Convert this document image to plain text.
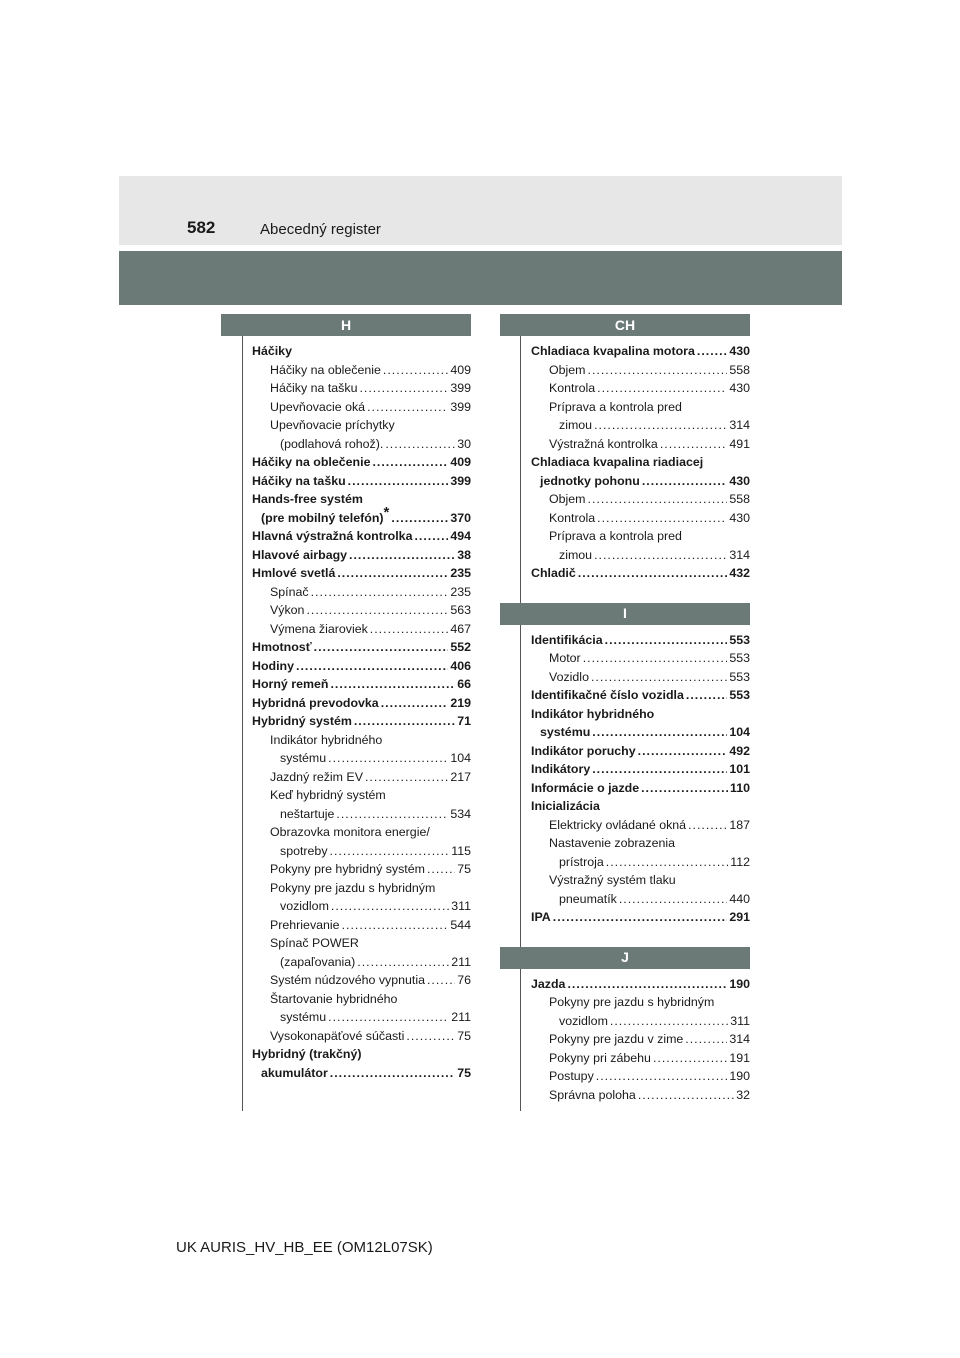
582	Abecedný register
H
Háčiky
Háčiky na oblečenie .....	409
Háčiky na tašku .....	399
Upevňovacie oká .....	399
Upevňovacie príchytky
(podlahová rohož). .....	30
Háčiky na oblečenie .....	409
Háčiky na tašku .....	399
Hands-free systém
(pre mobilný telefón)* .....	370
Hlavná výstražná kontrolka .....	494
Hlavové airbagy .....	38
Hmlové svetlá .....	235
Spínač .....	235
Výkon .....	563
Výmena žiaroviek .....	467
Hmotnosť .....	552
Hodiny .....	406
Horný remeň .....	66
Hybridná prevodovka .....	219
Hybridný systém .....	71
Indikátor hybridného
systému .....	104
Jazdný režim EV .....	217
Keď hybridný systém
neštartuje .....	534
Obrazovka monitora energie/
spotreby .....	115
Pokyny pre hybridný systém .....	75
Pokyny pre jazdu s hybridným
vozidlom .....	311
Prehrievanie .....	544
Spínač POWER
(zapaľovania) .....	211
Systém núdzového vypnutia .....	76
Štartovanie hybridného
systému .....	211
Vysokonapäťové súčasti .....	75
Hybridný (trakčný)
akumulátor .....	75
CH
Chladiaca kvapalina motora .....	430
Objem .....	558
Kontrola .....	430
Príprava a kontrola pred
zimou .....	314
Výstražná kontrolka .....	491
Chladiaca kvapalina riadiacej
jednotky pohonu .....	430
Objem .....	558
Kontrola .....	430
Príprava a kontrola pred
zimou .....	314
Chladič .....	432
I
Identifikácia .....	553
Motor .....	553
Vozidlo .....	553
Identifikačné číslo vozidla .....	553
Indikátor hybridného
systému .....	104
Indikátor poruchy .....	492
Indikátory .....	101
Informácie o jazde .....	110
Inicializácia
Elektricky ovládané okná .....	187
Nastavenie zobrazenia
prístroja .....	112
Výstražný systém tlaku
pneumatík .....	440
IPA .....	291
J
Jazda .....	190
Pokyny pre jazdu s hybridným
vozidlom .....	311
Pokyny pre jazdu v zime .....	314
Pokyny pri zábehu .....	191
Postupy .....	190
Správna poloha .....	32
UK AURIS_HV_HB_EE (OM12L07SK)
